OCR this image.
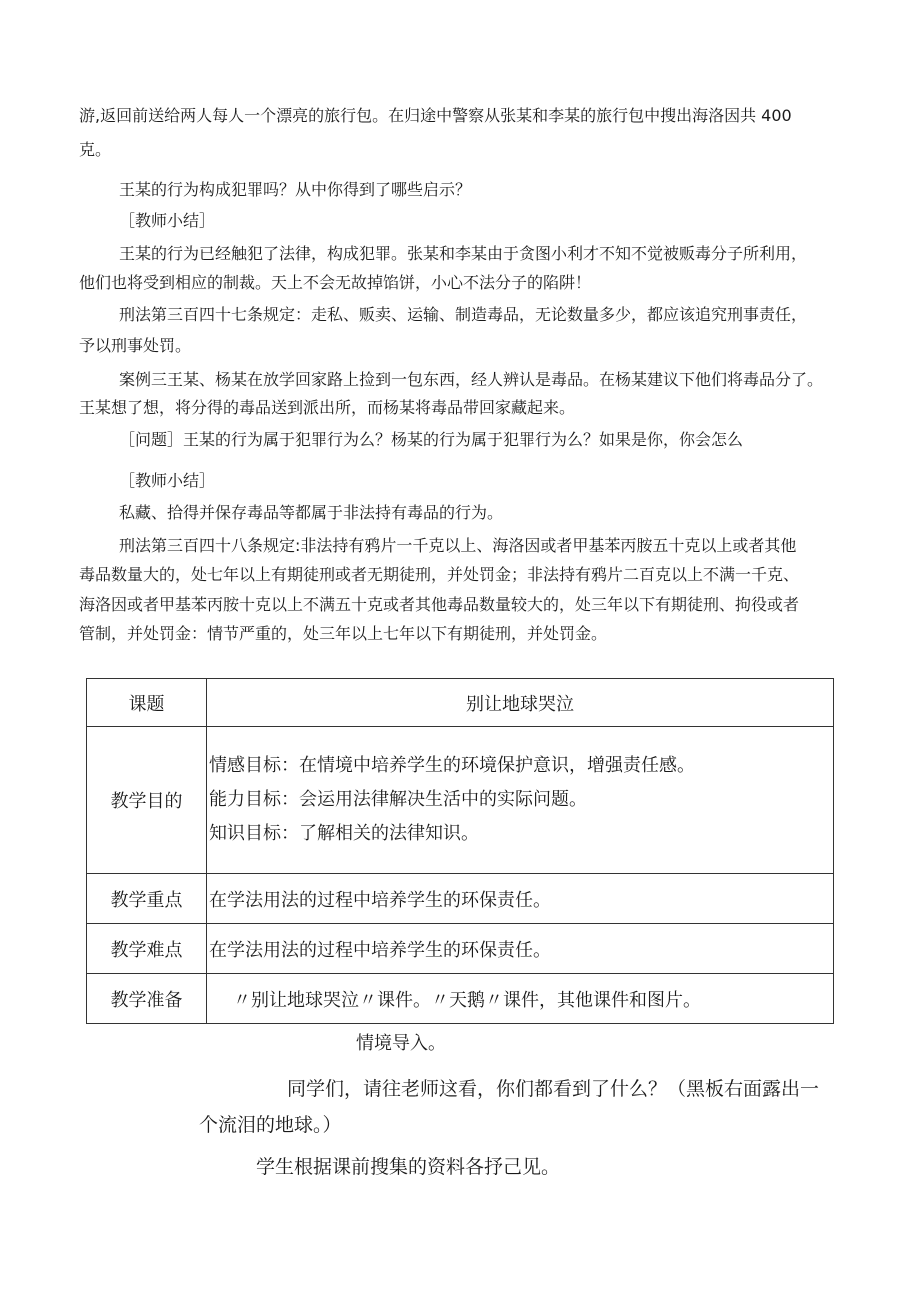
游,返回前送给两人每人一个漂亮的旅行包。在归途中警察从张某和李某的旅行包中搜出海洛因共 400
克。
王某的行为构成犯罪吗？从中你得到了哪些启示？
［教师小结］
王某的行为已经触犯了法律，构成犯罪。张某和李某由于贪图小利才不知不觉被贩毒分子所利用，
他们也将受到相应的制裁。天上不会无故掉馅饼，小心不法分子的陷阱！
刑法第三百四十七条规定：走私、贩卖、运输、制造毒品，无论数量多少，都应该追究刑事责任，
予以刑事处罚。
案例三王某、杨某在放学回家路上捡到一包东西，经人辨认是毒品。在杨某建议下他们将毒品分了。
王某想了想，将分得的毒品送到派出所，而杨某将毒品带回家藏起来。
［问题］王某的行为属于犯罪行为么？杨某的行为属于犯罪行为么？如果是你，你会怎么
［教师小结］
私藏、拾得并保存毒品等都属于非法持有毒品的行为。
刑法第三百四十八条规定:非法持有鸦片一千克以上、海洛因或者甲基苯丙胺五十克以上或者其他
毒品数量大的，处七年以上有期徒刑或者无期徒刑，并处罚金；非法持有鸦片二百克以上不满一千克、
海洛因或者甲基苯丙胺十克以上不满五十克或者其他毒品数量较大的，处三年以下有期徒刑、拘役或者
管制，并处罚金：情节严重的，处三年以上七年以下有期徒刑，并处罚金。
课题	别让地球哭泣
教学目的	情感目标：在情境中培养学生的环境保护意识，增强责任感。
能力目标：会运用法律解决生活中的实际问题。
知识目标：了解相关的法律知识。

教学重点	在学法用法的过程中培养学生的环保责任。
教学难点	在学法用法的过程中培养学生的环保责任。
教学准备	〃别让地球哭泣〃课件。〃天鹅〃课件，其他课件和图片。
情境导入。
同学们，请往老师这看，你们都看到了什么？（黑板右面露出一
个流泪的地球。）
学生根据课前搜集的资料各抒己见。
